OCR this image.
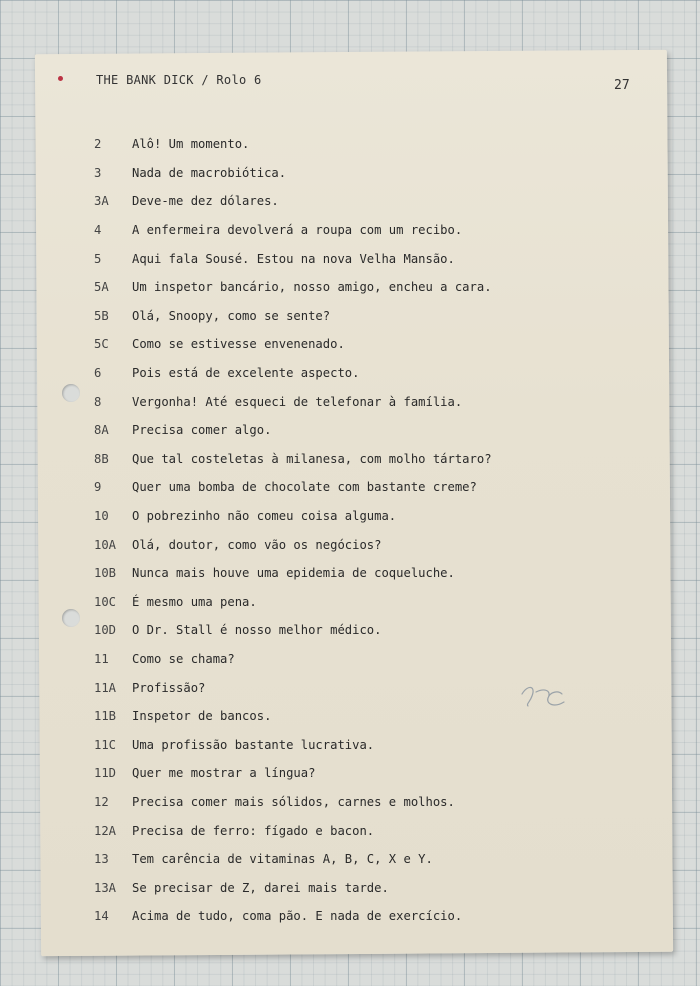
THE BANK DICK / Rolo 6	27
2	Alô! Um momento.
3	Nada de macrobiótica.
3A	Deve-me dez dólares.
4	A enfermeira devolverá a roupa com um recibo.
5	Aqui fala Sousé. Estou na nova Velha Mansão.
5A	Um inspetor bancário, nosso amigo, encheu a cara.
5B	Olá, Snoopy, como se sente?
5C	Como se estivesse envenenado.
6	Pois está de excelente aspecto.
8	Vergonha! Até esqueci de telefonar à família.
8A	Precisa comer algo.
8B	Que tal costeletas à milanesa, com molho tártaro?
9	Quer uma bomba de chocolate com bastante creme?
10	O pobrezinho não comeu coisa alguma.
10A	Olá, doutor, como vão os negócios?
10B	Nunca mais houve uma epidemia de coqueluche.
10C	É mesmo uma pena.
10D	O Dr. Stall é nosso melhor médico.
11	Como se chama?
11A	Profissão?
11B	Inspetor de bancos.
11C	Uma profissão bastante lucrativa.
11D	Quer me mostrar a língua?
12	Precisa comer mais sólidos, carnes e molhos.
12A	Precisa de ferro: fígado e bacon.
13	Tem carência de vitaminas A, B, C, X e Y.
13A	Se precisar de Z, darei mais tarde.
14	Acima de tudo, coma pão. E nada de exercício.
